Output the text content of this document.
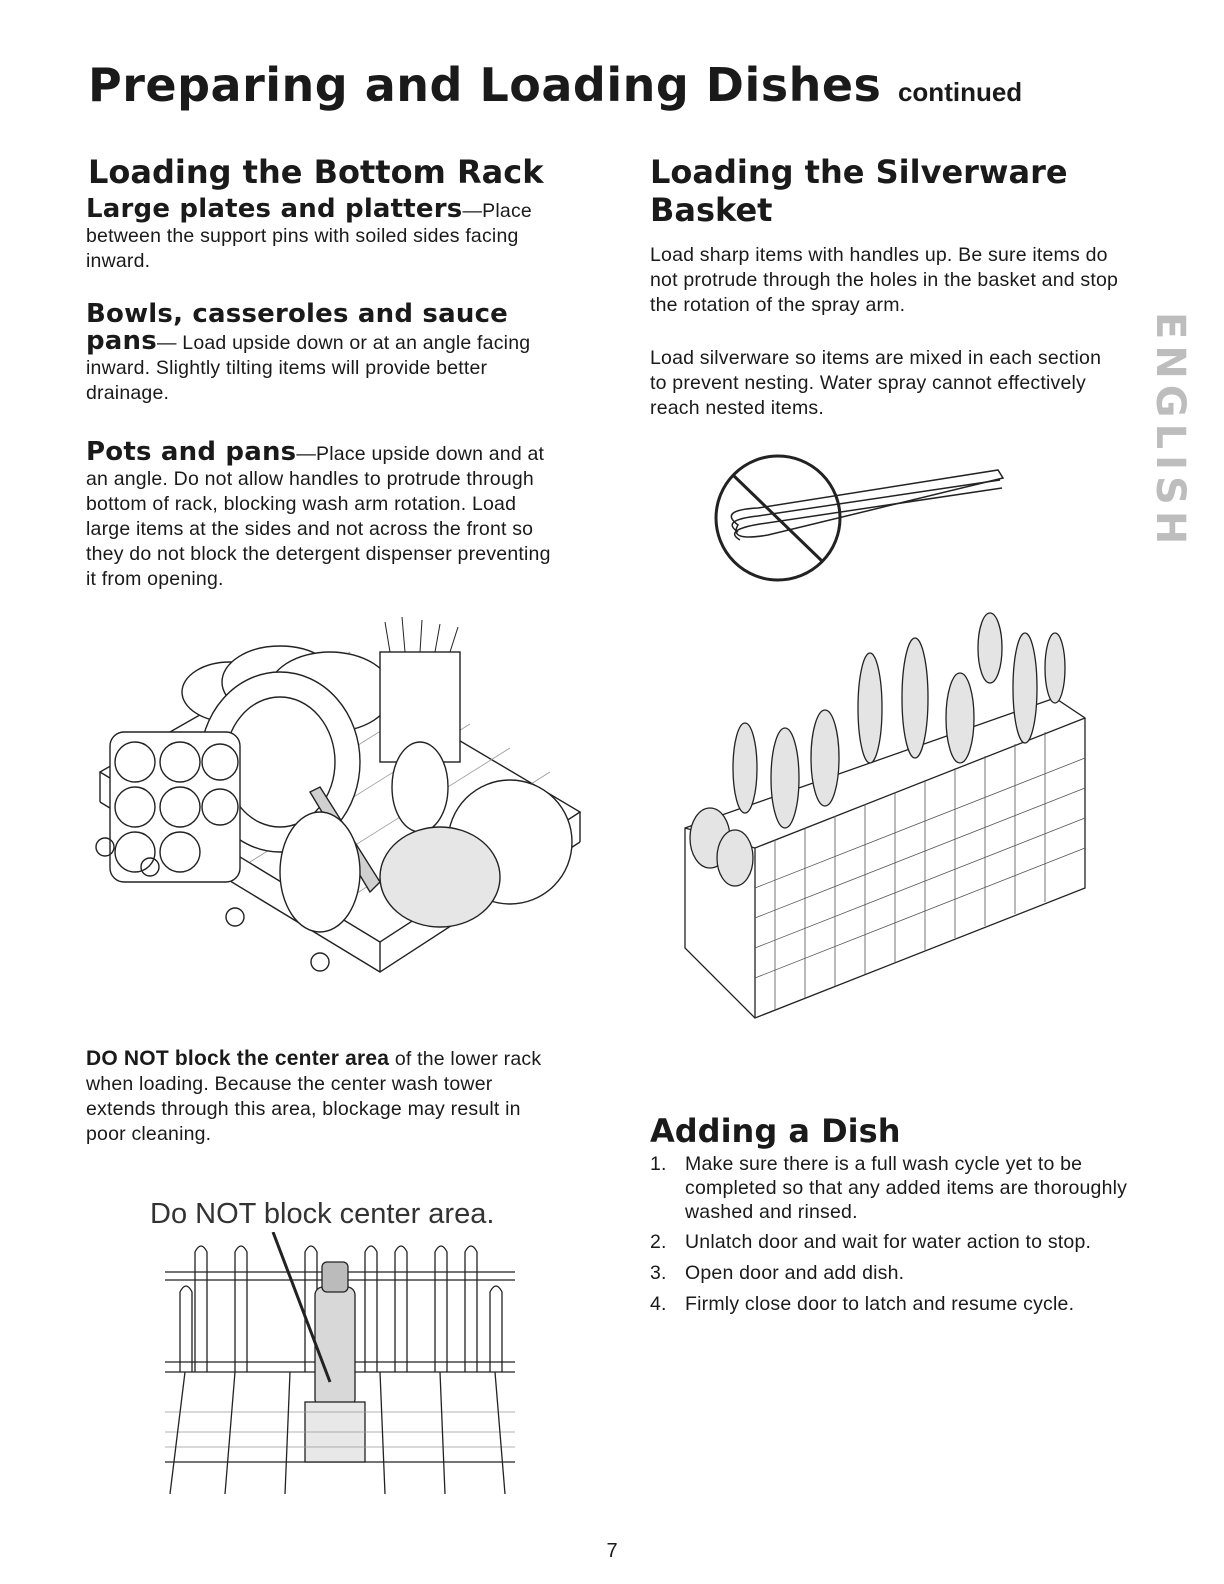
Preparing and Loading Dishes continued
Loading the Bottom Rack
Large plates and platters—Place between the support pins with soiled sides facing inward.
Bowls, casseroles and sauce pans— Load upside down or at an angle facing inward. Slightly tilting items will provide better drainage.
Pots and pans—Place upside down and at an angle. Do not allow handles to protrude through bottom of rack, blocking wash arm rotation. Load large items at the sides and not across the front so they do not block the detergent dispenser preventing it from opening.
DO NOT block the center area of the lower rack when loading. Because the center wash tower extends through this area, blockage may result in poor cleaning.
Do NOT block center area.
Loading the Silverware
Basket
Load sharp items with handles up. Be sure items do not protrude through the holes in the basket and stop the rotation of the spray arm.
Load silverware so items are mixed in each section to prevent nesting. Water spray cannot effectively reach nested items.
Adding a Dish
1. Make sure there is a full wash cycle yet to be completed so that any added items are thoroughly washed and rinsed.
2. Unlatch door and wait for water action to stop.
3. Open door and add dish.
4. Firmly close door to latch and resume cycle.
ENGLISH
7
